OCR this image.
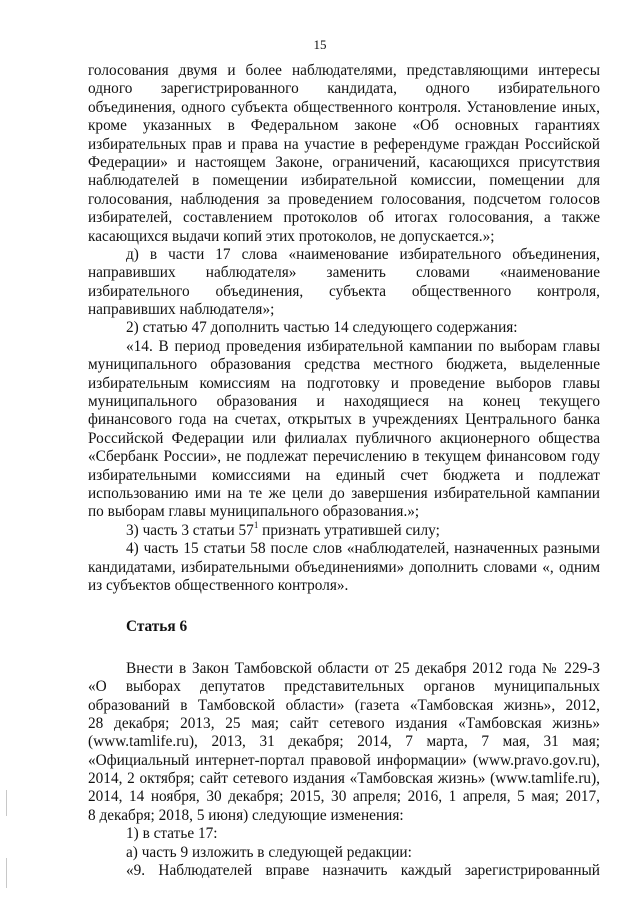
15
голосования двумя и более наблюдателями, представляющими интересы
одного зарегистрированного кандидата, одного избирательного
объединения, одного субъекта общественного контроля. Установление иных,
кроме указанных в Федеральном законе «Об основных гарантиях
избирательных прав и права на участие в референдуме граждан Российской
Федерации» и настоящем Законе, ограничений, касающихся присутствия
наблюдателей в помещении избирательной комиссии, помещении для
голосования, наблюдения за проведением голосования, подсчетом голосов
избирателей, составлением протоколов об итогах голосования, а также
касающихся выдачи копий этих протоколов, не допускается.»;
д) в части 17 слова «наименование избирательного объединения,
направивших наблюдателя» заменить словами «наименование
избирательного объединения, субъекта общественного контроля,
направивших наблюдателя»;
2) статью 47 дополнить частью 14 следующего содержания:
«14. В период проведения избирательной кампании по выборам главы
муниципального образования средства местного бюджета, выделенные
избирательным комиссиям на подготовку и проведение выборов главы
муниципального образования и находящиеся на конец текущего
финансового года на счетах, открытых в учреждениях Центрального банка
Российской Федерации или филиалах публичного акционерного общества
«Сбербанк России», не подлежат перечислению в текущем финансовом году
избирательными комиссиями на единый счет бюджета и подлежат
использованию ими на те же цели до завершения избирательной кампании
по выборам главы муниципального образования.»;
3) часть 3 статьи $57^1$ признать утратившей силу;
4) часть 15 статьи 58 после слов «наблюдателей, назначенных разными
кандидатами, избирательными объединениями» дополнить словами «, одним
из субъектов общественного контроля».
Статья 6
Внести в Закон Тамбовской области от 25 декабря 2012 года № 229-З
«О выборах депутатов представительных органов муниципальных
образований в Тамбовской области» (газета «Тамбовская жизнь», 2012,
28 декабря; 2013, 25 мая; сайт сетевого издания «Тамбовская жизнь»
(www.tamlife.ru), 2013, 31 декабря; 2014, 7 марта, 7 мая, 31 мая;
«Официальный интернет-портал правовой информации» (www.pravo.gov.ru),
2014, 2 октября; сайт сетевого издания «Тамбовская жизнь» (www.tamlife.ru),
2014, 14 ноября, 30 декабря; 2015, 30 апреля; 2016, 1 апреля, 5 мая; 2017,
8 декабря; 2018, 5 июня) следующие изменения:
1) в статье 17:
а) часть 9 изложить в следующей редакции:
«9. Наблюдателей вправе назначить каждый зарегистрированный
